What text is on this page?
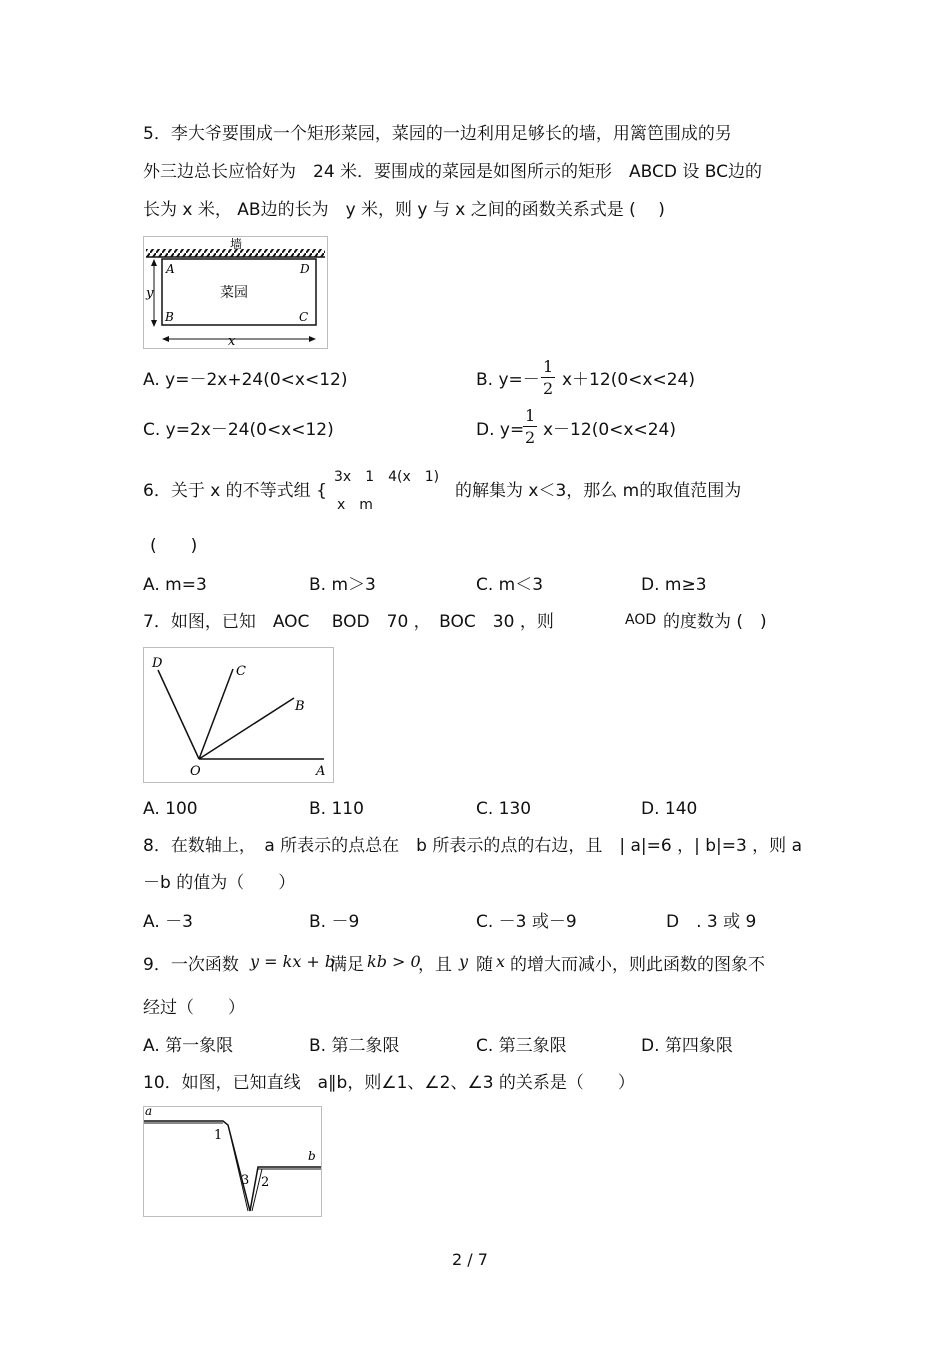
5．李大爷要围成一个矩形菜园，菜园的一边利用足够长的墙，用篱笆围成的另
外三边总长应恰好为　24 米．要围成的菜园是如图所示的矩形　ABCD 设 BC边的
长为 x 米， AB边的长为　y 米，则 y 与 x 之间的函数关系式是 (　 )
墙
菜园
A	D
B	C
y
x
A. y=－2x+24(0<x<12)	B. $y=- \frac{1}{2} x+12(0<x<24)$
C. y=2x－24(0<x<12)	D. y=
$\frac{1}{2} x-12(0<x<24)$
6．关于 x 的不等式组 {
3x　1　4(x　1)
x　m
的解集为 x＜3，那么 m的取值范围为
(　　)
A. m=3	B. m＞3	C. m＜3	D. m≥3
7．如图，已知　AOC　 BOD　70 ，　BOC　30 ，则	AOD 的度数为 (　)
O	A
B
C
D
A. 100	B. 110	C. 130	D. 140
8．在数轴上，　a 所表示的点总在　b 所表示的点的右边，且　| a|=6 ，| b|=3 ，则 a
－b 的值为（　　）
A. －3	B. －9	C. －3 或－9	D　. 3 或 9
9．一次函数 y = kx + b
满足 kb > 0
，且 y 随 x 的增大而减小，则此函数的图象不
经过（　　）
A. 第一象限	B. 第二象限	C. 第三象限	D. 第四象限
10．如图，已知直线　a∥b，则∠1、∠2、∠3 的关系是（　　）
a
b
1
2
3
2 / 7
